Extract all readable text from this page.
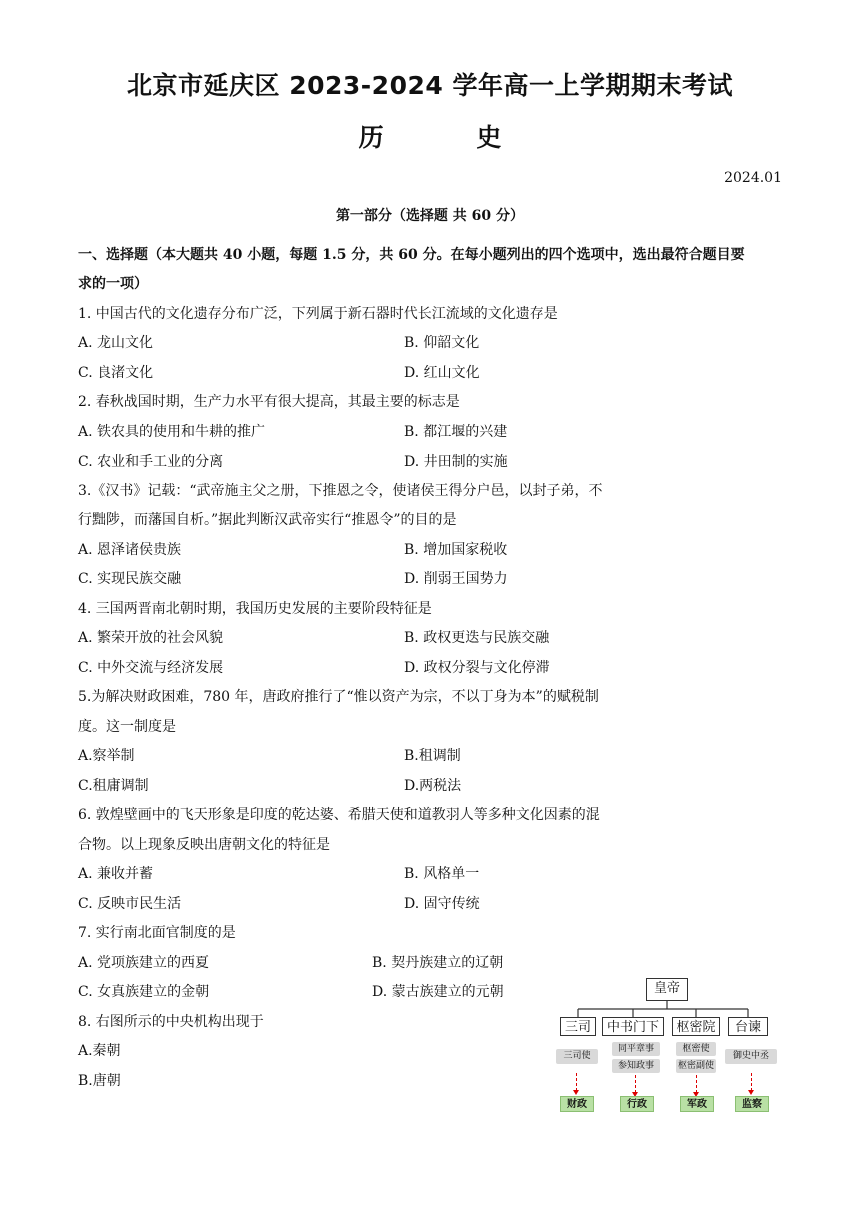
北京市延庆区 2023-2024 学年高一上学期期末考试
历 史
2024.01
第一部分（选择题 共 60 分）
一、选择题（本大题共 40 小题，每题 1.5 分，共 60 分。在每小题列出的四个选项中，选出最符合题目要
求的一项）
1. 中国古代的文化遗存分布广泛，下列属于新石器时代长江流域的文化遗存是
A. 龙山文化	B. 仰韶文化
C. 良渚文化	D. 红山文化
2. 春秋战国时期，生产力水平有很大提高，其最主要的标志是
A. 铁农具的使用和牛耕的推广	B. 都江堰的兴建
C. 农业和手工业的分离	D. 井田制的实施
3.《汉书》记载：“武帝施主父之册，下推恩之令，使诸侯王得分户邑，以封子弟，不
行黜陟，而藩国自析。”据此判断汉武帝实行“推恩令”的目的是
A. 恩泽诸侯贵族	B. 增加国家税收
C. 实现民族交融	D. 削弱王国势力
4. 三国两晋南北朝时期，我国历史发展的主要阶段特征是
A. 繁荣开放的社会风貌	B. 政权更迭与民族交融
C. 中外交流与经济发展	D. 政权分裂与文化停滞
5.为解决财政困难，780 年，唐政府推行了“惟以资产为宗，不以丁身为本”的赋税制
度。这一制度是
A.察举制	B.租调制
C.租庸调制	D.两税法
6. 敦煌壁画中的飞天形象是印度的乾达婆、希腊天使和道教羽人等多种文化因素的混
合物。以上现象反映出唐朝文化的特征是
A. 兼收并蓄	B. 风格单一
C. 反映市民生活	D. 固守传统
7. 实行南北面官制度的是
A. 党项族建立的西夏	B. 契丹族建立的辽朝
C. 女真族建立的金朝	D. 蒙古族建立的元朝
8. 右图所示的中央机构出现于
A.秦朝
B.唐朝
皇帝
三司	中书门下	枢密院	台谏
三司使
同平章事
参知政事
枢密使
枢密副使
御史中丞
财政	行政	军政	监察
